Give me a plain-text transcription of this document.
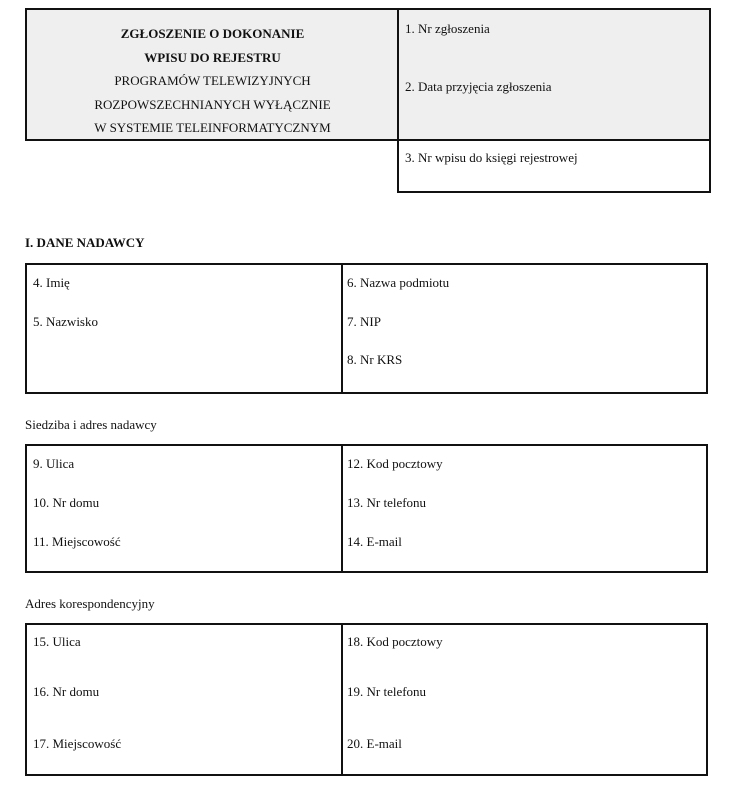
ZGŁOSZENIE O DOKONANIE
WPISU DO REJESTRU
PROGRAMÓW TELEWIZYJNYCH
ROZPOWSZECHNIANYCH WYŁĄCZNIE
W SYSTEMIE TELEINFORMATYCZNYM
1. Nr zgłoszenia
2. Data przyjęcia zgłoszenia
3. Nr wpisu do księgi rejestrowej
I. DANE NADAWCY
4. Imię
5. Nazwisko
6. Nazwa podmiotu
7. NIP
8. Nr KRS
Siedziba i adres nadawcy
9. Ulica
10. Nr domu
11. Miejscowość
12. Kod pocztowy
13. Nr telefonu
14. E-mail
Adres korespondencyjny
15. Ulica
16. Nr domu
17. Miejscowość
18. Kod pocztowy
19. Nr telefonu
20. E-mail
